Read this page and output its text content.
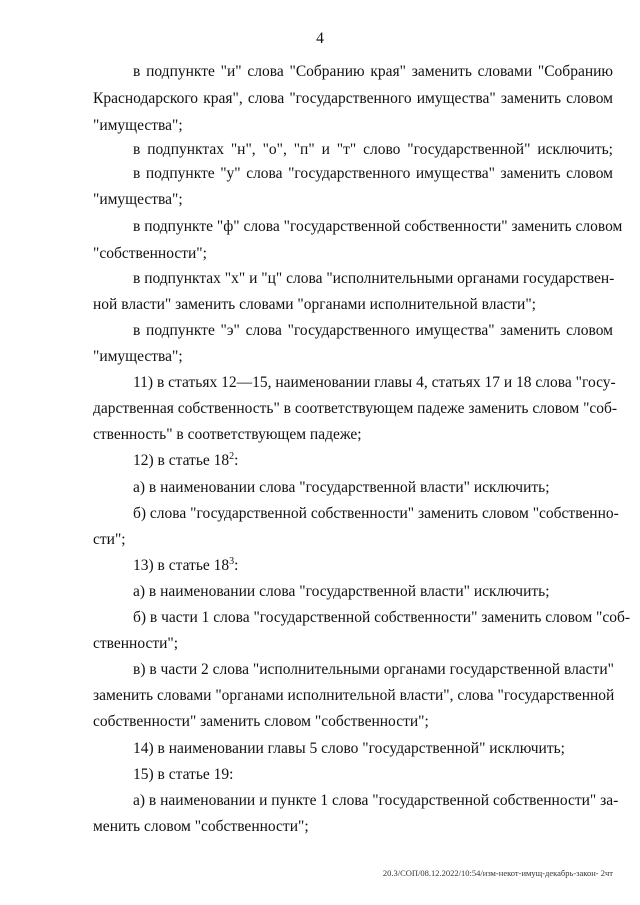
4
в подпункте "и" слова "Собранию края" заменить словами "Собранию
Краснодарского края", слова "государственного имущества" заменить словом
"имущества";
в подпунктах "н", "о", "п" и "т" слово "государственной" исключить;
в подпункте "у" слова "государственного имущества" заменить словом
"имущества";
в подпункте "ф" слова "государственной собственности" заменить словом
"собственности";
в подпунктах "х" и "ц" слова "исполнительными органами государствен-
ной власти" заменить словами "органами исполнительной власти";
в подпункте "э" слова "государственного имущества" заменить словом
"имущества";
11) в статьях 12—15, наименовании главы 4, статьях 17 и 18 слова "госу-
дарственная собственность" в соответствующем падеже заменить словом "соб-
ственность" в соответствующем падеже;
12) в статье $18^2$:
а) в наименовании слова "государственной власти" исключить;
б) слова "государственной собственности" заменить словом "собственно-
сти";
13) в статье $18^3$:
а) в наименовании слова "государственной власти" исключить;
б) в части 1 слова "государственной собственности" заменить словом "соб-
ственности";
в) в части 2 слова "исполнительными органами государственной власти"
заменить словами "органами исполнительной власти", слова "государственной
собственности" заменить словом "собственности";
14) в наименовании главы 5 слово "государственной" исключить;
15) в статье 19:
а) в наименовании и пункте 1 слова "государственной собственности" за-
менить словом "собственности";
20.3/СОП/08.12.2022/10:54/изм-некот-имущ-декабрь-закон- 2чт
